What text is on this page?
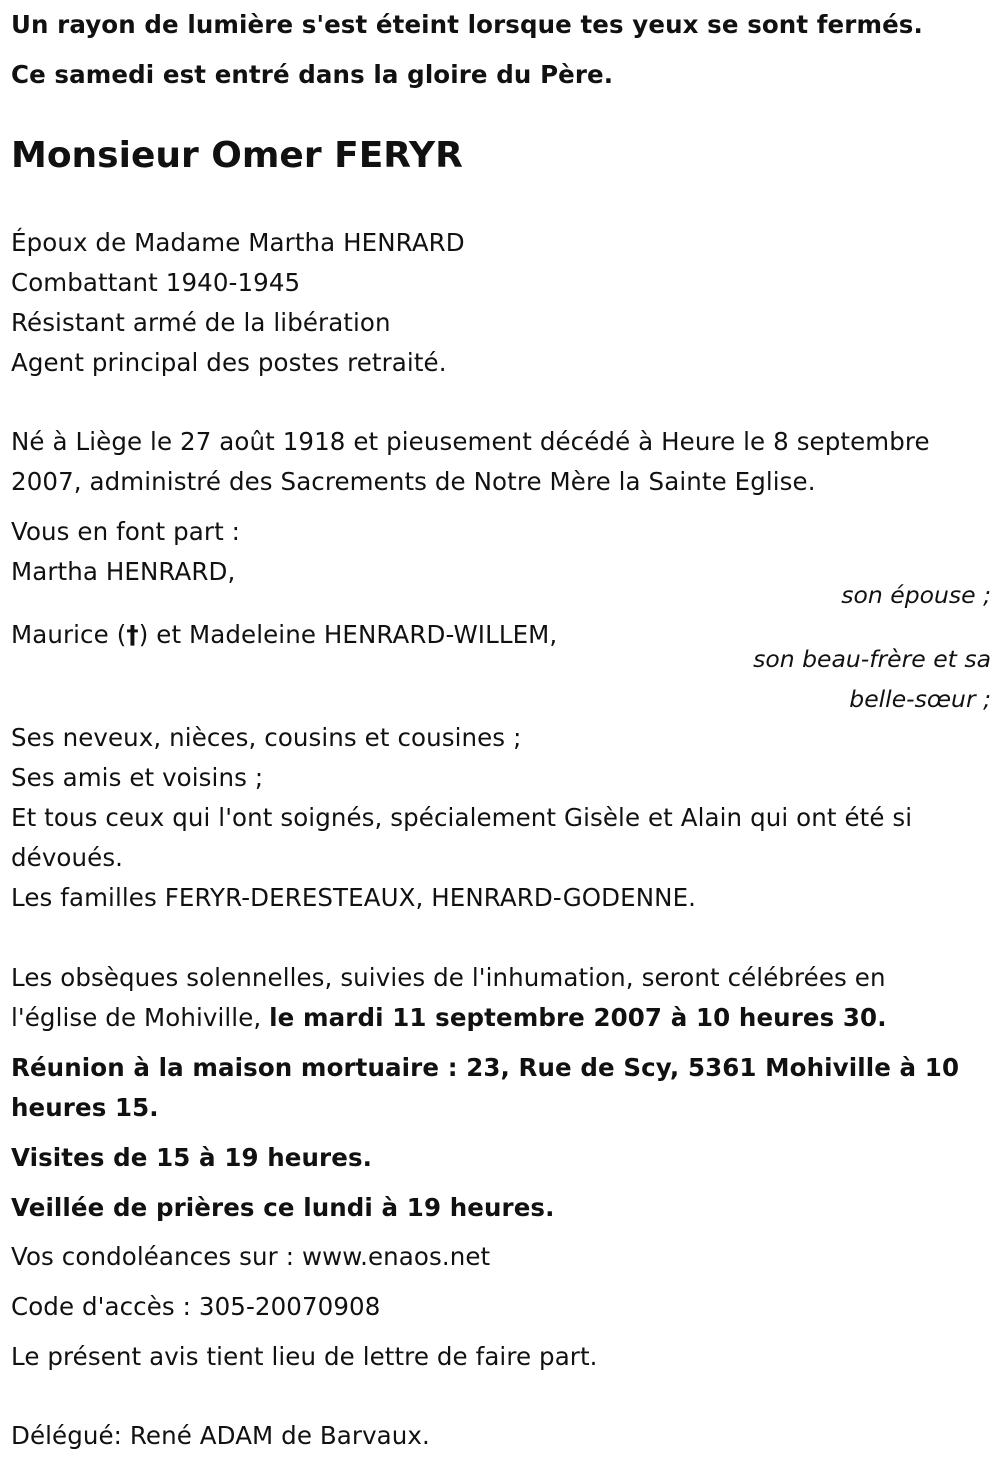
Un rayon de lumière s'est éteint lorsque tes yeux se sont fermés.
Ce samedi est entré dans la gloire du Père.
Monsieur Omer FERYR
Époux de Madame Martha HENRARD
Combattant 1940-1945
Résistant armé de la libération
Agent principal des postes retraité.
Né à Liège le 27 août 1918 et pieusement décédé à Heure le 8 septembre
2007, administré des Sacrements de Notre Mère la Sainte Eglise.
Vous en font part :
Martha HENRARD,
son épouse ;
Maurice (†) et Madeleine HENRARD-WILLEM,
son beau-frère et sa
belle-sœur ;
Ses neveux, nièces, cousins et cousines ;
Ses amis et voisins ;
Et tous ceux qui l'ont soignés, spécialement Gisèle et Alain qui ont été si
dévoués.
Les familles FERYR-DERESTEAUX, HENRARD-GODENNE.
Les obsèques solennelles, suivies de l'inhumation, seront célébrées en
l'église de Mohiville, le mardi 11 septembre 2007 à 10 heures 30.
Réunion à la maison mortuaire : 23, Rue de Scy, 5361 Mohiville à 10
heures 15.
Visites de 15 à 19 heures.
Veillée de prières ce lundi à 19 heures.
Vos condoléances sur : www.enaos.net
Code d'accès : 305-20070908
Le présent avis tient lieu de lettre de faire part.
Délégué: René ADAM de Barvaux.
